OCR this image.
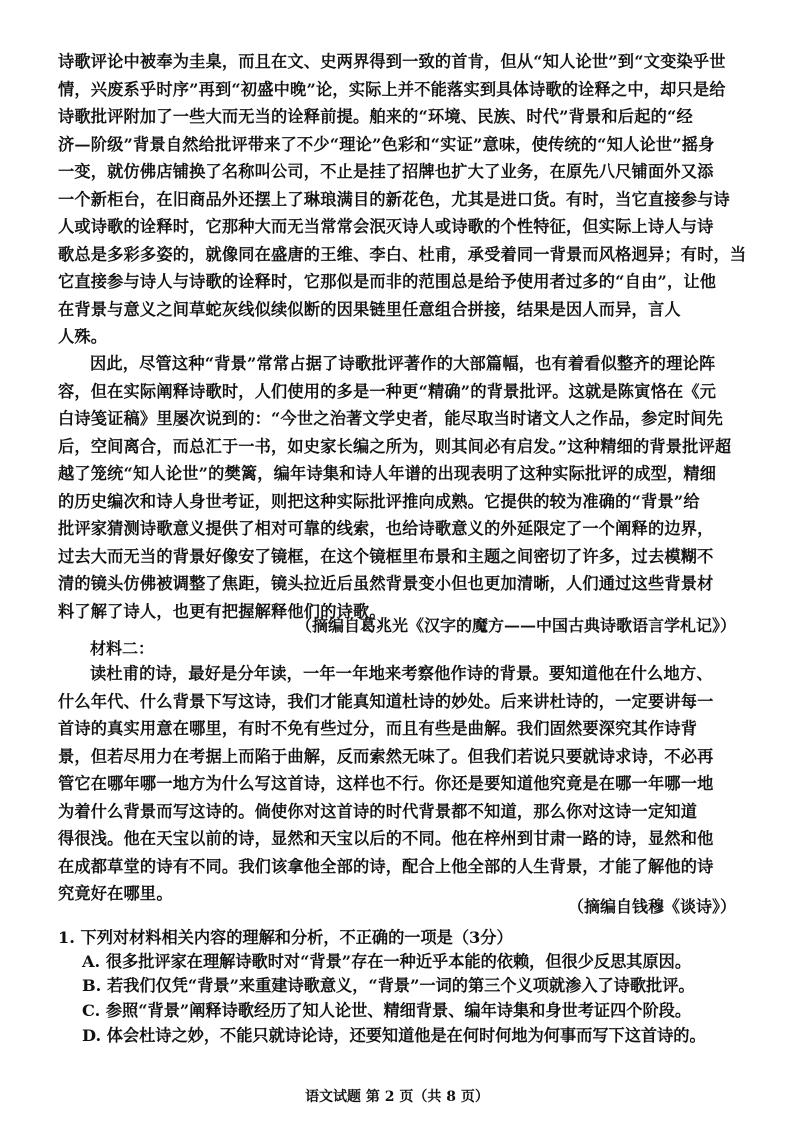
诗歌评论中被奉为圭臬，而且在文、史两界得到一致的首肯，但从“知人论世”到“文变染乎世
情，兴废系乎时序”再到“初盛中晚”论，实际上并不能落实到具体诗歌的诠释之中，却只是给
诗歌批评附加了一些大而无当的诠释前提。舶来的“环境、民族、时代”背景和后起的“经
济—阶级”背景自然给批评带来了不少“理论”色彩和“实证”意味，使传统的“知人论世”摇身
一变，就仿佛店铺换了名称叫公司，不止是挂了招牌也扩大了业务，在原先八尺铺面外又添
一个新柜台，在旧商品外还摆上了琳琅满目的新花色，尤其是进口货。有时，当它直接参与诗
人或诗歌的诠释时，它那种大而无当常常会泯灭诗人或诗歌的个性特征，但实际上诗人与诗
歌总是多彩多姿的，就像同在盛唐的王维、李白、杜甫，承受着同一背景而风格迥异；有时，当
它直接参与诗人与诗歌的诠释时，它那似是而非的范围总是给予使用者过多的“自由”，让他
在背景与意义之间草蛇灰线似续似断的因果链里任意组合拼接，结果是因人而异，言人
人殊。
因此，尽管这种“背景”常常占据了诗歌批评著作的大部篇幅，也有着看似整齐的理论阵
容，但在实际阐释诗歌时，人们使用的多是一种更“精确”的背景批评。这就是陈寅恪在《元
白诗笺证稿》里屡次说到的：“今世之治著文学史者，能尽取当时诸文人之作品，参定时间先
后，空间离合，而总汇于一书，如史家长编之所为，则其间必有启发。”这种精细的背景批评超
越了笼统“知人论世”的樊篱，编年诗集和诗人年谱的出现表明了这种实际批评的成型，精细
的历史编次和诗人身世考证，则把这种实际批评推向成熟。它提供的较为准确的“背景”给
批评家猜测诗歌意义提供了相对可靠的线索，也给诗歌意义的外延限定了一个阐释的边界，
过去大而无当的背景好像安了镜框，在这个镜框里布景和主题之间密切了许多，过去模糊不
清的镜头仿佛被调整了焦距，镜头拉近后虽然背景变小但也更加清晰，人们通过这些背景材
料了解了诗人，也更有把握解释他们的诗歌。
（摘编自葛兆光《汉字的魔方——中国古典诗歌语言学札记》）
材料二：
读杜甫的诗，最好是分年读，一年一年地来考察他作诗的背景。要知道他在什么地方、
什么年代、什么背景下写这诗，我们才能真知道杜诗的妙处。后来讲杜诗的，一定要讲每一
首诗的真实用意在哪里，有时不免有些过分，而且有些是曲解。我们固然要深究其作诗背
景，但若尽用力在考据上而陷于曲解，反而索然无味了。但我们若说只要就诗求诗，不必再
管它在哪年哪一地方为什么写这首诗，这样也不行。你还是要知道他究竟是在哪一年哪一地
为着什么背景而写这诗的。倘使你对这首诗的时代背景都不知道，那么你对这诗一定知道
得很浅。他在天宝以前的诗，显然和天宝以后的不同。他在梓州到甘肃一路的诗，显然和他
在成都草堂的诗有不同。我们该拿他全部的诗，配合上他全部的人生背景，才能了解他的诗
究竟好在哪里。
（摘编自钱穆《谈诗》）
1. 下列对材料相关内容的理解和分析，不正确的一项是（3分）
A. 很多批评家在理解诗歌时对“背景”存在一种近乎本能的依赖，但很少反思其原因。
B. 若我们仅凭“背景”来重建诗歌意义，“背景”一词的第三个义项就渗入了诗歌批评。
C. 参照“背景”阐释诗歌经历了知人论世、精细背景、编年诗集和身世考证四个阶段。
D. 体会杜诗之妙，不能只就诗论诗，还要知道他是在何时何地为何事而写下这首诗的。
语文试题 第 2 页（共 8 页）
